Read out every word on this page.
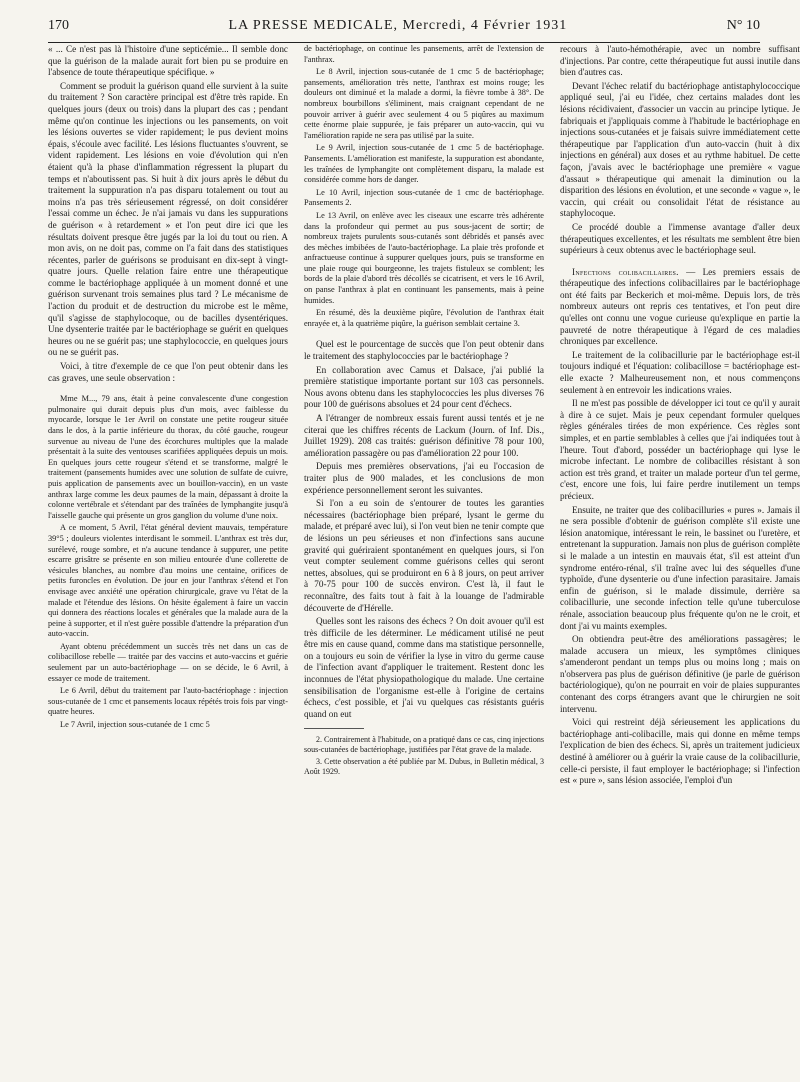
170	LA PRESSE MEDICALE, Mercredi, 4 Février 1931	N° 10

« ... Ce n'est pas là l'histoire d'une septicémie... Il semble donc que la guérison de la malade aurait fort bien pu se produire en l'absence de toute thérapeutique spécifique. »

Comment se produit la guérison quand elle survient à la suite du traitement ? Son caractère principal est d'être très rapide. En quelques jours (deux ou trois) dans la plupart des cas ; pendant même qu'on continue les injections ou les pansements, on voit les lésions ouvertes se vider rapidement; le pus devient moins épais, s'écoule avec facilité. Les lésions fluctuantes s'ouvrent, se vident rapidement. Les lésions en voie d'évolution qui n'en étaient qu'à la phase d'inflammation régressent la plupart du temps et n'aboutissent pas. Si huit à dix jours après le début du traitement la suppuration n'a pas disparu totalement ou tout au moins n'a pas très sérieusement régressé, on doit considérer l'essai comme un échec. Je n'ai jamais vu dans les suppurations de guérison « à retardement » et l'on peut dire ici que les résultats doivent presque être jugés par la loi du tout ou rien. A mon avis, on ne doit pas, comme on l'a fait dans des statistiques récentes, parler de guérisons se produisant en dix-sept à vingt-quatre jours. Quelle relation faire entre une thérapeutique comme le bactériophage appliquée à un moment donné et une guérison survenant trois semaines plus tard ? Le mécanisme de l'action du produit et de destruction du microbe est le même, qu'il s'agisse de staphylocoque, ou de bacilles dysentériques. Une dysenterie traitée par le bactériophage se guérit en quelques heures ou ne se guérit pas; une staphylococcie, en quelques jours ou ne se guérit pas.

Voici, à titre d'exemple de ce que l'on peut obtenir dans les cas graves, une seule observation :

Mme M..., 79 ans, était à peine convalescente d'une congestion pulmonaire qui durait depuis plus d'un mois, avec faiblesse du myocarde, lorsque le 1er Avril on constate une petite rougeur située dans le dos, à la partie inférieure du thorax, du côté gauche, rougeur survenue au niveau de l'une des écorchures multiples que la malade présentait à la suite des ventouses scarifiées appliquées depuis un mois. En quelques jours cette rougeur s'étend et se transforme, malgré le traitement (pansements humides avec une solution de sulfate de cuivre, puis application de pansements avec un bouillon-vaccin), en un vaste anthrax large comme les deux paumes de la main, dépassant à droite la colonne vertébrale et s'étendant par des traînées de lymphangite jusqu'à l'aisselle gauche qui présente un gros ganglion du volume d'une noix.

A ce moment, 5 Avril, l'état général devient mauvais, température 39°5 ; douleurs violentes interdisant le sommeil. L'anthrax est très dur, surélevé, rouge sombre, et n'a aucune tendance à suppurer, une petite escarre grisâtre se présente en son milieu entourée d'une collerette de vésicules blanches, au nombre d'au moins une centaine, orifices de petits furoncles en évolution. De jour en jour l'anthrax s'étend et l'on envisage avec anxiété une opération chirurgicale, grave vu l'état de la malade et l'étendue des lésions. On hésite également à faire un vaccin qui donnera des réactions locales et générales que la malade aura de la peine à supporter, et il n'est guère possible d'attendre la préparation d'un auto-vaccin.

Ayant obtenu précédemment un succès très net dans un cas de colibacillose rebelle — traitée par des vaccins et auto-vaccins et guérie seulement par un auto-bactériophage — on se décide, le 6 Avril, à essayer ce mode de traitement.

Le 6 Avril, début du traitement par l'auto-bactériophage : injection sous-cutanée de 1 cmc et pansements locaux répétés trois fois par vingt-quatre heures.

Le 7 Avril, injection sous-cutanée de 1 cmc 5

de bactériophage, on continue les pansements, arrêt de l'extension de l'anthrax.

Le 8 Avril, injection sous-cutanée de 1 cmc 5 de bactériophage; pansements, amélioration très nette, l'anthrax est moins rouge; les douleurs ont diminué et la malade a dormi, la fièvre tombe à 38°. De nombreux bourbillons s'éliminent, mais craignant cependant de ne pouvoir arriver à guérir avec seulement 4 ou 5 piqûres au maximum cette énorme plaie suppurée, je fais préparer un auto-vaccin, qui vu l'amélioration rapide ne sera pas utilisé par la suite.

Le 9 Avril, injection sous-cutanée de 1 cmc 5 de bactériophage. Pansements. L'amélioration est manifeste, la suppuration est abondante, les traînées de lymphangite ont complètement disparu, la malade est considérée comme hors de danger.

Le 10 Avril, injection sous-cutanée de 1 cmc de bactériophage. Pansements 2.

Le 13 Avril, on enlève avec les ciseaux une escarre très adhérente dans la profondeur qui permet au pus sous-jacent de sortir; de nombreux trajets purulents sous-cutanés sont débridés et pansés avec des mèches imbibées de l'auto-bactériophage. La plaie très profonde et anfractueuse continue à suppurer quelques jours, puis se transforme en une plaie rouge qui bourgeonne, les trajets fistuleux se comblent; les bords de la plaie d'abord très décollés se cicatrisent, et vers le 16 Avril, on panse l'anthrax à plat en continuant les pansements, mais à peine humides.

En résumé, dès la deuxième piqûre, l'évolution de l'anthrax était enrayée et, à la quatrième piqûre, la guérison semblait certaine 3.

Quel est le pourcentage de succès que l'on peut obtenir dans le traitement des staphylococcies par le bactériophage ?

En collaboration avec Camus et Dalsace, j'ai publié la première statistique importante portant sur 103 cas personnels. Nous avons obtenu dans les staphylococcies les plus diverses 76 pour 100 de guérisons absolues et 24 pour cent d'échecs.

A l'étranger de nombreux essais furent aussi tentés et je ne citerai que les chiffres récents de Lackum (Journ. of Inf. Dis., Juillet 1929). 208 cas traités: guérison définitive 78 pour 100, amélioration passagère ou pas d'amélioration 22 pour 100.

Depuis mes premières observations, j'ai eu l'occasion de traiter plus de 900 malades, et les conclusions de mon expérience personnellement seront les suivantes.

Si l'on a eu soin de s'entourer de toutes les garanties nécessaires (bactériophage bien préparé, lysant le germe du malade, et préparé avec lui), si l'on veut bien ne tenir compte que de lésions un peu sérieuses et non d'infections sans aucune gravité qui guériraient spontanément en quelques jours, si l'on veut compter seulement comme guérisons celles qui seront nettes, absolues, qui se produiront en 6 à 8 jours, on peut arriver à 70-75 pour 100 de succès environ. C'est là, il faut le reconnaître, des faits tout à fait à la louange de l'admirable découverte de d'Hérelle.

Quelles sont les raisons des échecs ? On doit avouer qu'il est très difficile de les déterminer. Le médicament utilisé ne peut être mis en cause quand, comme dans ma statistique personnelle, on a toujours eu soin de vérifier la lyse in vitro du germe cause de l'infection avant d'appliquer le traitement. Restent donc les inconnues de l'état physiopathologique du malade. Une certaine sensibilisation de l'organisme est-elle à l'origine de certains échecs, c'est possible, et j'ai vu quelques cas résistants guéris quand on eut

2. Contrairement à l'habitude, on a pratiqué dans ce cas, cinq injections sous-cutanées de bactériophage, justifiées par l'état grave de la malade.

3. Cette observation a été publiée par M. Dubus, in Bulletin médical, 3 Août 1929.

recours à l'auto-hémothérapie, avec un nombre suffisant d'injections. Par contre, cette thérapeutique fut aussi inutile dans bien d'autres cas.

Devant l'échec relatif du bactériophage antistaphylococcique appliqué seul, j'ai eu l'idée, chez certains malades dont les lésions récidivaient, d'associer un vaccin au principe lytique. Je fabriquais et j'appliquais comme à l'habitude le bactériophage en injections sous-cutanées et je faisais suivre immédiatement cette thérapeutique par l'application d'un auto-vaccin (huit à dix injections en général) aux doses et au rythme habituel. De cette façon, j'avais avec le bactériophage une première « vague d'assaut » thérapeutique qui amenait la diminution ou la disparition des lésions en évolution, et une seconde « vague », le vaccin, qui créait ou consolidait l'état de résistance au staphylocoque.

Ce procédé double a l'immense avantage d'aller deux thérapeutiques excellentes, et les résultats me semblent être bien supérieurs à ceux obtenus avec le bactériophage seul.

Infections colibacillaires. — Les premiers essais de thérapeutique des infections colibacillaires par le bactériophage ont été faits par Beckerich et moi-même. Depuis lors, de très nombreux auteurs ont repris ces tentatives, et l'on peut dire qu'elles ont connu une vogue curieuse qu'explique en partie la pauvreté de notre thérapeutique à l'égard de ces maladies chroniques par excellence.

Le traitement de la colibacillurie par le bactériophage est-il toujours indiqué et l'équation: colibacillose = bactériophage est-elle exacte ? Malheureusement non, et nous commençons seulement à en entrevoir les indications vraies.

Il ne m'est pas possible de développer ici tout ce qu'il y aurait à dire à ce sujet. Mais je peux cependant formuler quelques règles générales tirées de mon expérience. Ces règles sont simples, et en partie semblables à celles que j'ai indiquées tout à l'heure. Tout d'abord, posséder un bactériophage qui lyse le microbe infectant. Le nombre de colibacilles résistant à son action est très grand, et traiter un malade porteur d'un tel germe, c'est, encore une fois, lui faire perdre inutilement un temps précieux.

Ensuite, ne traiter que des colibacilluries « pures ». Jamais il ne sera possible d'obtenir de guérison complète s'il existe une lésion anatomique, intéressant le rein, le bassinet ou l'uretère, et entretenant la suppuration. Jamais non plus de guérison complète si le malade a un intestin en mauvais état, s'il est atteint d'un syndrome entéro-rénal, s'il traîne avec lui des séquelles d'une typhoïde, d'une dysenterie ou d'une infection parasitaire. Jamais enfin de guérison, si le malade dissimule, derrière sa colibacillurie, une seconde infection telle qu'une tuberculose rénale, association beaucoup plus fréquente qu'on ne le croit, et dont j'ai vu maints exemples.

On obtiendra peut-être des améliorations passagères; le malade accusera un mieux, les symptômes cliniques s'amenderont pendant un temps plus ou moins long ; mais on n'observera pas plus de guérison définitive (je parle de guérison bactériologique), qu'on ne pourrait en voir de plaies suppurantes contenant des corps étrangers avant que le chirurgien ne soit intervenu.

Voici qui restreint déjà sérieusement les applications du bactériophage anti-colibacille, mais qui donne en même temps l'explication de bien des échecs. Si, après un traitement judicieux destiné à améliorer ou à guérir la vraie cause de la colibacillurie, celle-ci persiste, il faut employer le bactériophage; si l'infection est « pure », sans lésion associée, l'emploi d'un
